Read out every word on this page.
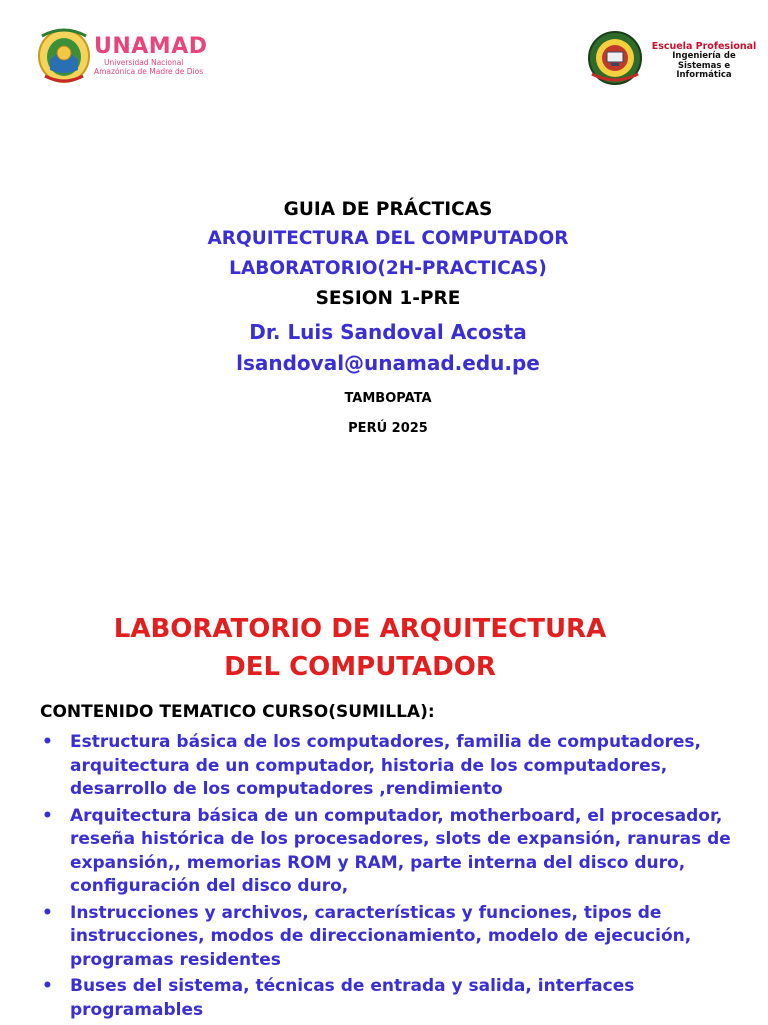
UNAMAD
Universidad Nacional
Amazónica de Madre de Dios
Escuela Profesional
Ingeniería de
Sistemas e
Informática
GUIA DE PRÁCTICAS
ARQUITECTURA DEL COMPUTADOR
LABORATORIO(2H-PRACTICAS)
SESION 1-PRE
Dr. Luis Sandoval Acosta
lsandoval@unamad.edu.pe
TAMBOPATA
PERÚ 2025
LABORATORIO DE ARQUITECTURA
DEL COMPUTADOR
CONTENIDO TEMATICO CURSO(SUMILLA):
• Estructura básica de los computadores, familia de computadores,
arquitectura de un computador, historia de los computadores,
desarrollo de los computadores ,rendimiento
• Arquitectura básica de un computador, motherboard, el procesador,
reseña histórica de los procesadores, slots de expansión, ranuras de
expansión,, memorias ROM y RAM, parte interna del disco duro,
configuración del disco duro,
• Instrucciones y archivos, características y funciones, tipos de
instrucciones, modos de direccionamiento, modelo de ejecución,
programas residentes
• Buses del sistema, técnicas de entrada y salida, interfaces
programables
